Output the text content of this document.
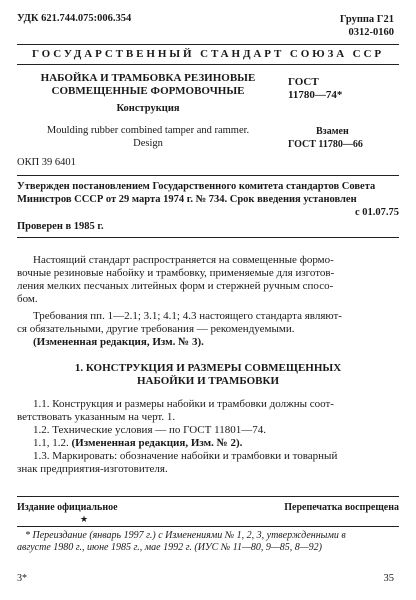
УДК 621.744.075:006.354	Группа Г21
0312-0160
ГОСУДАРСТВЕННЫЙ СТАНДАРТ СОЮЗА ССР
НАБОЙКА И ТРАМБОВКА РЕЗИНОВЫЕ
СОВМЕЩЕННЫЕ ФОРМОВОЧНЫЕ
Конструкция
Moulding rubber combined tamper and rammer.
Design
ГОСТ
11780—74*
Взамен
ГОСТ 11780—66
ОКП 39 6401
Утвержден постановлением Государственного комитета стандартов Совета
Министров СССР от 29 марта 1974 г. № 734. Срок введения установлен
с 01.07.75
Проверен в 1985 г.
Настоящий стандарт распространяется на совмещенные формо-
вочные резиновые набойку и трамбовку, применяемые для изготов-
ления мелких песчаных литейных форм и стержней ручным спосо-
бом.
Требования пп. 1—2.1; 3.1; 4.1; 4.3 настоящего стандарта являют-
ся обязательными, другие требования — рекомендуемыми.
(Измененная редакция, Изм. № 3).
1. КОНСТРУКЦИЯ И РАЗМЕРЫ СОВМЕЩЕННЫХ
НАБОЙКИ И ТРАМБОВКИ
1.1. Конструкция и размеры набойки и трамбовки должны соот-
ветствовать указанным на черт. 1.
1.2. Технические условия — по ГОСТ 11801—74.
1.1, 1.2. (Измененная редакция, Изм. № 2).
1.3. Маркировать: обозначение набойки и трамбовки и товарный
знак предприятия-изготовителя.
Издание официальное	Перепечатка воспрещена
★
* Переиздание (январь 1997 г.) с Изменениями № 1, 2, 3, утвержденными в
августе 1980 г., июне 1985 г., мае 1992 г. (ИУС № 11—80, 9—85, 8—92)
3*	35
